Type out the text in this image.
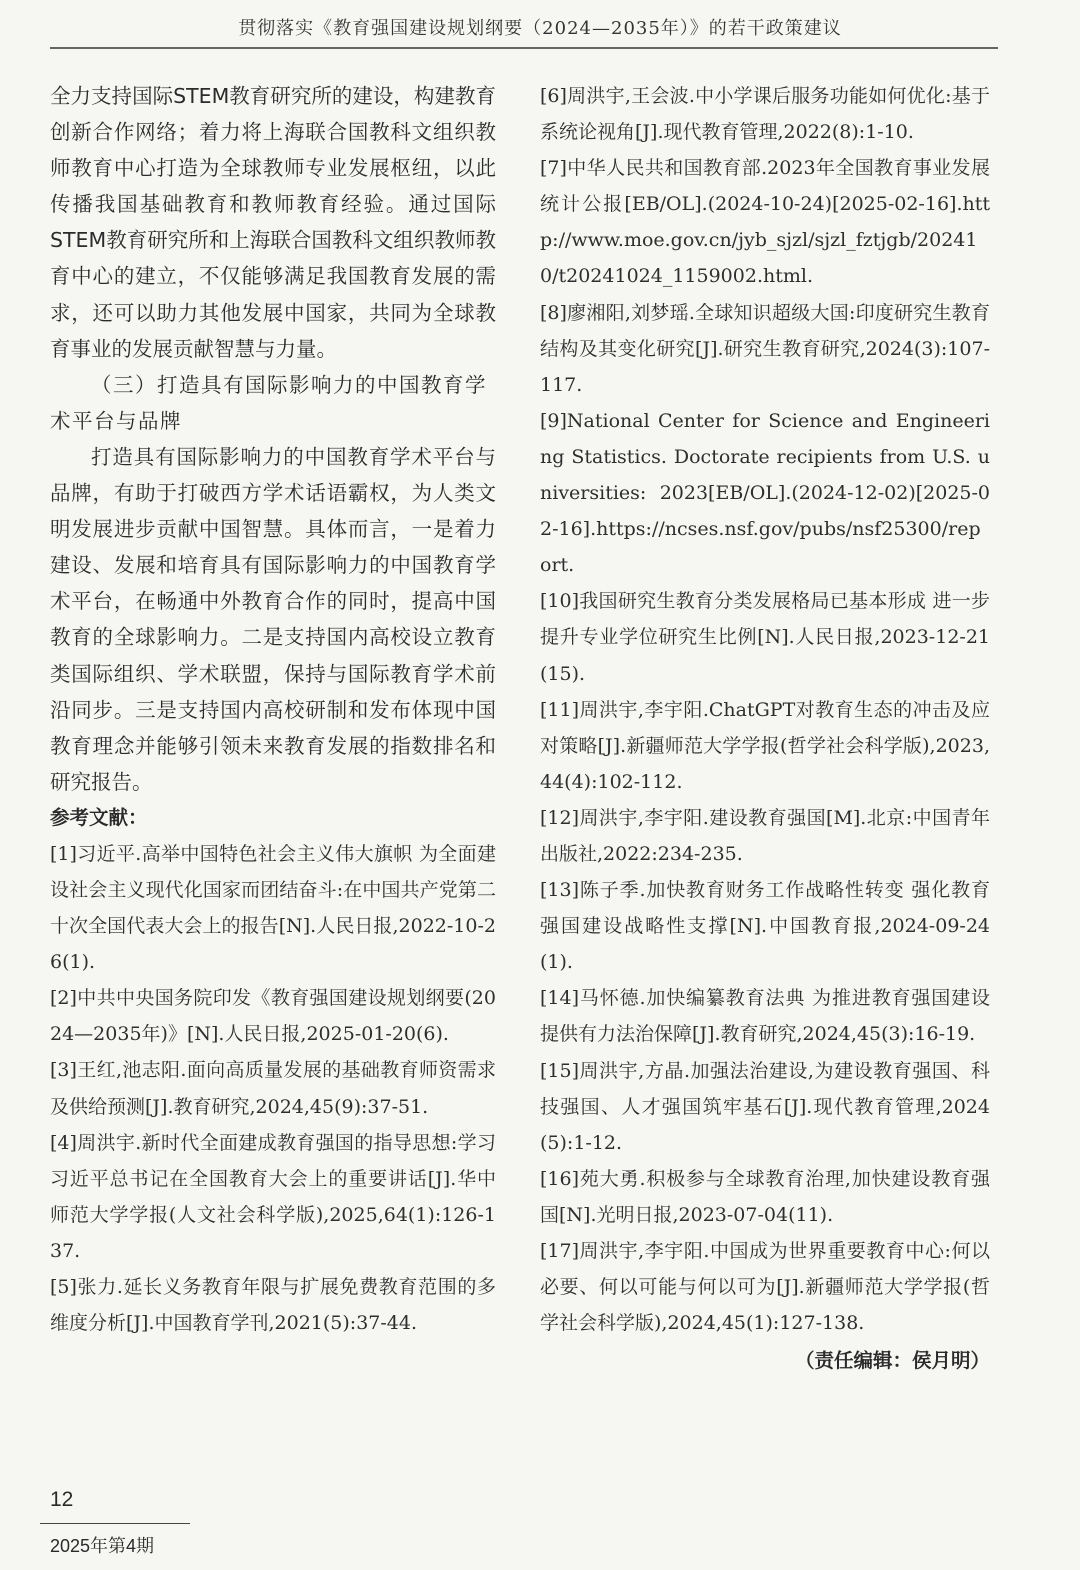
贯彻落实《教育强国建设规划纲要（2024—2035年）》的若干政策建议

全力支持国际STEM教育研究所的建设，构建教育创新合作网络；着力将上海联合国教科文组织教师教育中心打造为全球教师专业发展枢纽，以此传播我国基础教育和教师教育经验。通过国际STEM教育研究所和上海联合国教科文组织教师教育中心的建立，不仅能够满足我国教育发展的需求，还可以助力其他发展中国家，共同为全球教育事业的发展贡献智慧与力量。

（三）打造具有国际影响力的中国教育学术平台与品牌

打造具有国际影响力的中国教育学术平台与品牌，有助于打破西方学术话语霸权，为人类文明发展进步贡献中国智慧。具体而言，一是着力建设、发展和培育具有国际影响力的中国教育学术平台，在畅通中外教育合作的同时，提高中国教育的全球影响力。二是支持国内高校设立教育类国际组织、学术联盟，保持与国际教育学术前沿同步。三是支持国内高校研制和发布体现中国教育理念并能够引领未来教育发展的指数排名和研究报告。

参考文献：

[1]习近平.高举中国特色社会主义伟大旗帜 为全面建设社会主义现代化国家而团结奋斗:在中国共产党第二十次全国代表大会上的报告[N].人民日报,2022-10-26(1).

[2]中共中央国务院印发《教育强国建设规划纲要(2024—2035年)》[N].人民日报,2025-01-20(6).

[3]王红,池志阳.面向高质量发展的基础教育师资需求及供给预测[J].教育研究,2024,45(9):37-51.

[4]周洪宇.新时代全面建成教育强国的指导思想:学习习近平总书记在全国教育大会上的重要讲话[J].华中师范大学学报(人文社会科学版),2025,64(1):126-137.

[5]张力.延长义务教育年限与扩展免费教育范围的多维度分析[J].中国教育学刊,2021(5):37-44.

[6]周洪宇,王会波.中小学课后服务功能如何优化:基于系统论视角[J].现代教育管理,2022(8):1-10.

[7]中华人民共和国教育部.2023年全国教育事业发展统计公报[EB/OL].(2024-10-24)[2025-02-16].http://www.moe.gov.cn/jyb_sjzl/sjzl_fztjgb/202410/t20241024_1159002.html.

[8]廖湘阳,刘梦瑶.全球知识超级大国:印度研究生教育结构及其变化研究[J].研究生教育研究,2024(3):107-117.

[9]National Center for Science and Engineering Statistics. Doctorate recipients from U.S. universities: 2023[EB/OL].(2024-12-02)[2025-02-16].https://ncses.nsf.gov/pubs/nsf25300/report.

[10]我国研究生教育分类发展格局已基本形成 进一步提升专业学位研究生比例[N].人民日报,2023-12-21(15).

[11]周洪宇,李宇阳.ChatGPT对教育生态的冲击及应对策略[J].新疆师范大学学报(哲学社会科学版),2023,44(4):102-112.

[12]周洪宇,李宇阳.建设教育强国[M].北京:中国青年出版社,2022:234-235.

[13]陈子季.加快教育财务工作战略性转变 强化教育强国建设战略性支撑[N].中国教育报,2024-09-24(1).

[14]马怀德.加快编纂教育法典 为推进教育强国建设提供有力法治保障[J].教育研究,2024,45(3):16-19.

[15]周洪宇,方晶.加强法治建设,为建设教育强国、科技强国、人才强国筑牢基石[J].现代教育管理,2024(5):1-12.

[16]苑大勇.积极参与全球教育治理,加快建设教育强国[N].光明日报,2023-07-04(11).

[17]周洪宇,李宇阳.中国成为世界重要教育中心:何以必要、何以可能与何以可为[J].新疆师范大学学报(哲学社会科学版),2024,45(1):127-138.

（责任编辑：侯月明）

12
2025年第4期
